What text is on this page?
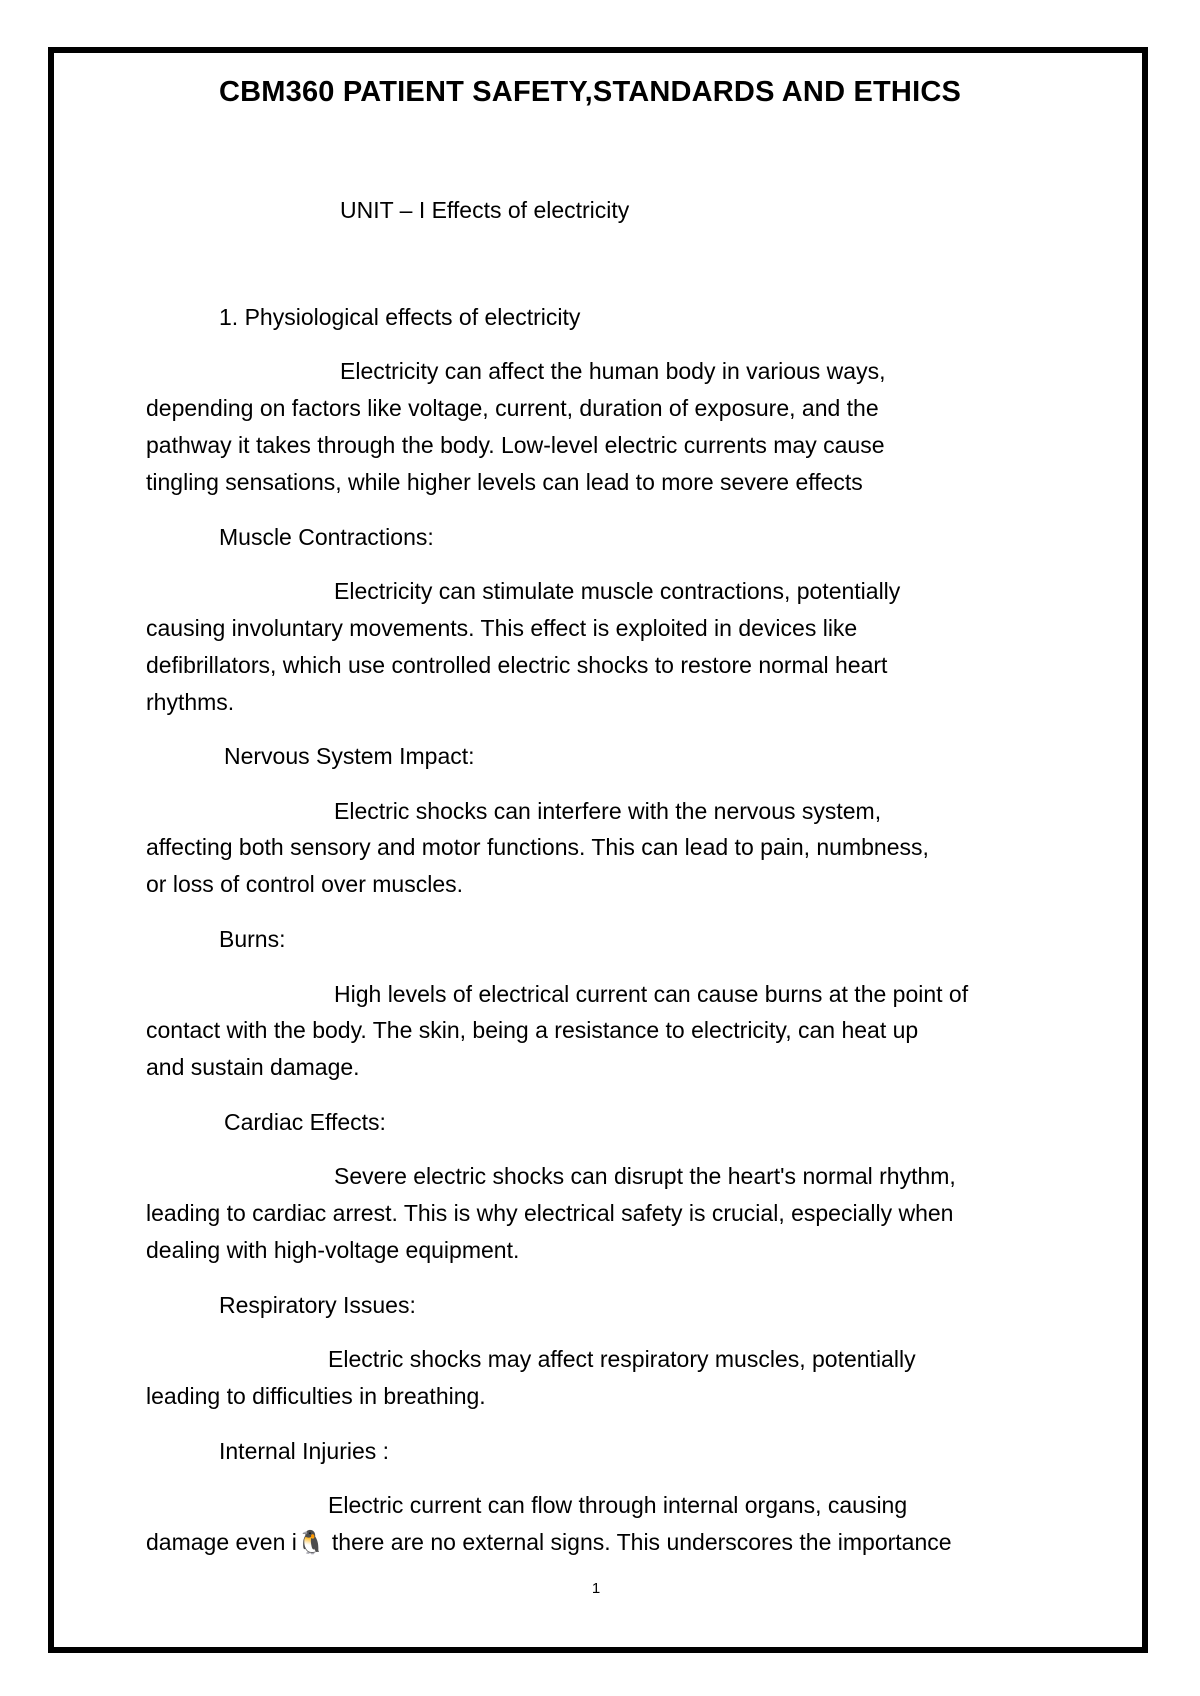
CBM360 PATIENT SAFETY,STANDARDS AND ETHICS
UNIT – I Effects of electricity
1. Physiological effects of electricity
Electricity can affect the human body in various ways,
depending on factors like voltage, current, duration of exposure, and the
pathway it takes through the body. Low-level electric currents may cause
tingling sensations, while higher levels can lead to more severe effects
Muscle Contractions:
Electricity can stimulate muscle contractions, potentially
causing involuntary movements. This effect is exploited in devices like
defibrillators, which use controlled electric shocks to restore normal heart
rhythms.
Nervous System Impact:
Electric shocks can interfere with the nervous system,
affecting both sensory and motor functions. This can lead to pain, numbness,
or loss of control over muscles.
Burns:
High levels of electrical current can cause burns at the point of
contact with the body. The skin, being a resistance to electricity, can heat up
and sustain damage.
Cardiac Effects:
Severe electric shocks can disrupt the heart's normal rhythm,
leading to cardiac arrest. This is why electrical safety is crucial, especially when
dealing with high-voltage equipment.
Respiratory Issues:
Electric shocks may affect respiratory muscles, potentially
leading to difficulties in breathing.
Internal Injuries :
Electric current can flow through internal organs, causing
damage even i🐧 there are no external signs. This underscores the importance
1
